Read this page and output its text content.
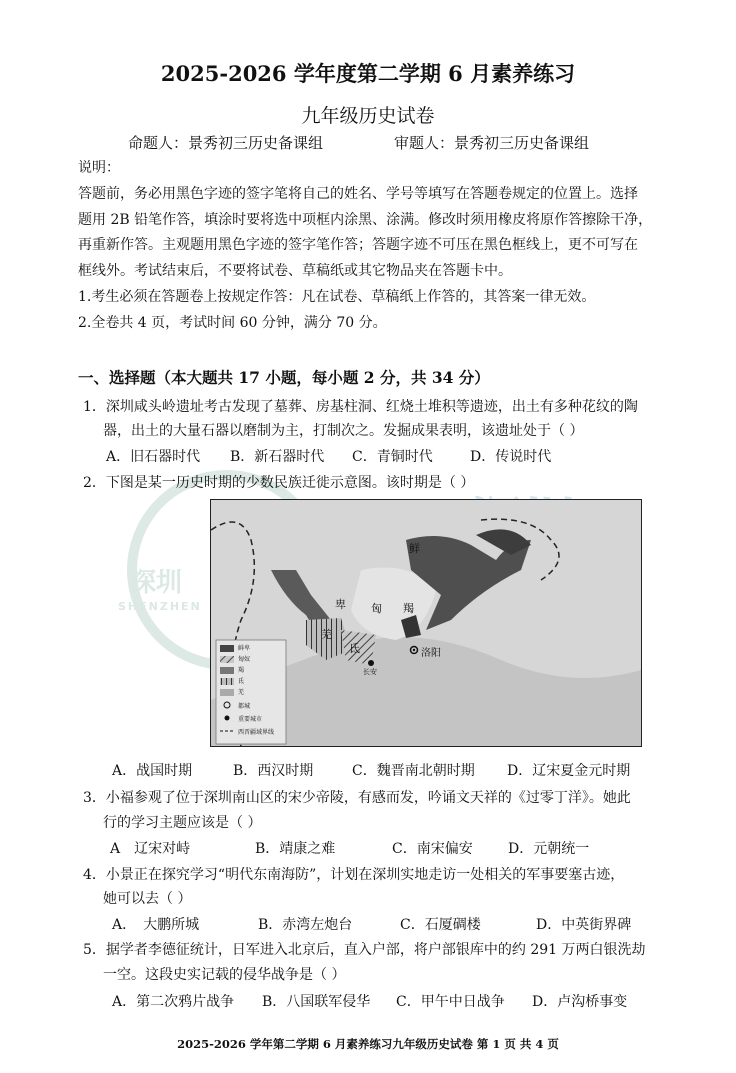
深圳
SHENZHEN
2025-2026 学年度第二学期 6 月素养练习
九年级历史试卷
命题人：景秀初三历史备课组	审题人：景秀初三历史备课组
说明：
答题前，务必用黑色字迹的签字笔将自己的姓名、学号等填写在答题卷规定的位置上。选择
题用 2B 铅笔作答，填涂时要将选中项框内涂黑、涂满。修改时须用橡皮将原作答擦除干净，
再重新作答。主观题用黑色字迹的签字笔作答；答题字迹不可压在黑色框线上，更不可写在
框线外。考试结束后，不要将试卷、草稿纸或其它物品夹在答题卡中。
1.考生必须在答题卷上按规定作答：凡在试卷、草稿纸上作答的，其答案一律无效。
2.全卷共 4 页，考试时间 60 分钟，满分 70 分。
一、选择题（本大题共 17 小题，每小题 2 分，共 34 分）
1．深圳咸头岭遗址考古发现了墓葬、房基柱洞、红烧土堆积等遗迹，出土有多种花纹的陶
器，出土的大量石器以磨制为主，打制次之。发掘成果表明，该遗址处于（ ）
A．旧石器时代 B．新石器时代 C．青铜时代	D．传说时代
2．下图是某一历史时期的少数民族迁徙示意图。该时期是（ ）
鲜
卑 匈 羯
氐
羌
洛阳
长安
鲜卑
匈奴
羯
氐
羌
都城
重要城市
西晋疆域界线
A．战国时期	B．西汉时期	C．魏晋南北朝时期 D．辽宋夏金元时期
3．小福参观了位于深圳南山区的宋少帝陵，有感而发，吟诵文天祥的《过零丁洋》。她此
行的学习主题应该是（ ）
A　辽宋对峙	B．靖康之难	C．南宋偏安	D．元朝统一
4．小景正在探究学习“明代东南海防”，计划在深圳实地走访一处相关的军事要塞古迹，
她可以去（ ）
A．　大鹏所城	B．赤湾左炮台	C．石厦碉楼	D．中英街界碑
5．据学者李德征统计，日军进入北京后，直入户部，将户部银库中的约 291 万两白银洗劫
一空。这段史实记载的侵华战争是（ ）
A．第二次鸦片战争 B．八国联军侵华 C．甲午中日战争 D．卢沟桥事变
2025-2026 学年第二学期 6 月素养练习九年级历史试卷 第 1 页 共 4 页
